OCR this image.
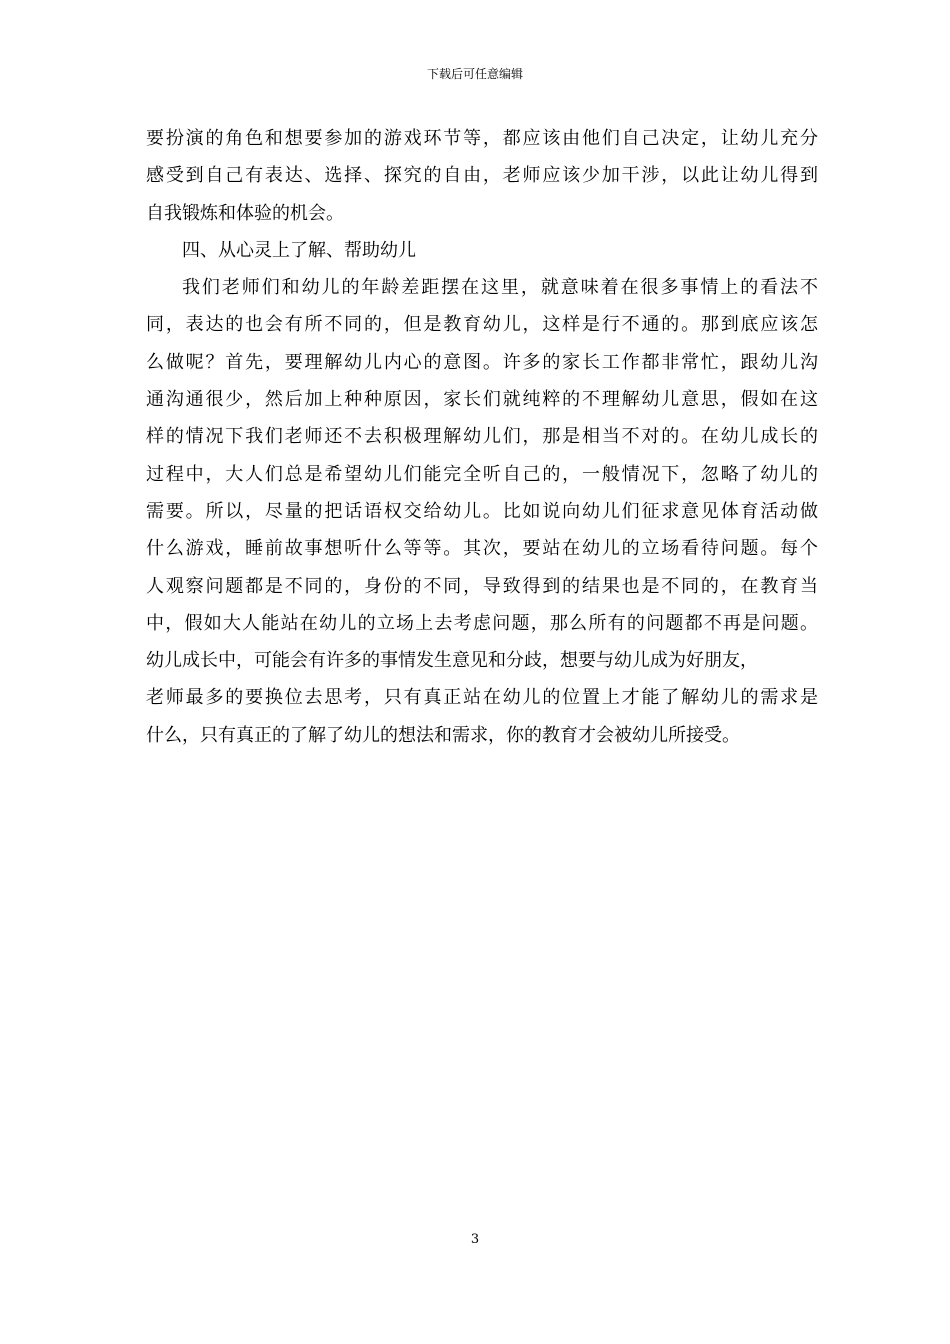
下载后可任意编辑
要扮演的角色和想要参加的游戏环节等，都应该由他们自己决定，让幼儿充分
感受到自己有表达、选择、探究的自由，老师应该少加干涉，以此让幼儿得到
自我锻炼和体验的机会。
四、从心灵上了解、帮助幼儿
我们老师们和幼儿的年龄差距摆在这里，就意味着在很多事情上的看法不
同，表达的也会有所不同的，但是教育幼儿，这样是行不通的。那到底应该怎
么做呢？首先，要理解幼儿内心的意图。许多的家长工作都非常忙，跟幼儿沟
通沟通很少，然后加上种种原因，家长们就纯粹的不理解幼儿意思，假如在这
样的情况下我们老师还不去积极理解幼儿们，那是相当不对的。在幼儿成长的
过程中，大人们总是希望幼儿们能完全听自己的，一般情况下，忽略了幼儿的
需要。所以，尽量的把话语权交给幼儿。比如说向幼儿们征求意见体育活动做
什么游戏，睡前故事想听什么等等。其次，要站在幼儿的立场看待问题。每个
人观察问题都是不同的，身份的不同，导致得到的结果也是不同的，在教育当
中，假如大人能站在幼儿的立场上去考虑问题，那么所有的问题都不再是问题。
幼儿成长中，可能会有许多的事情发生意见和分歧，想要与幼儿成为好朋友，
老师最多的要换位去思考，只有真正站在幼儿的位置上才能了解幼儿的需求是
什么，只有真正的了解了幼儿的想法和需求，你的教育才会被幼儿所接受。
3
